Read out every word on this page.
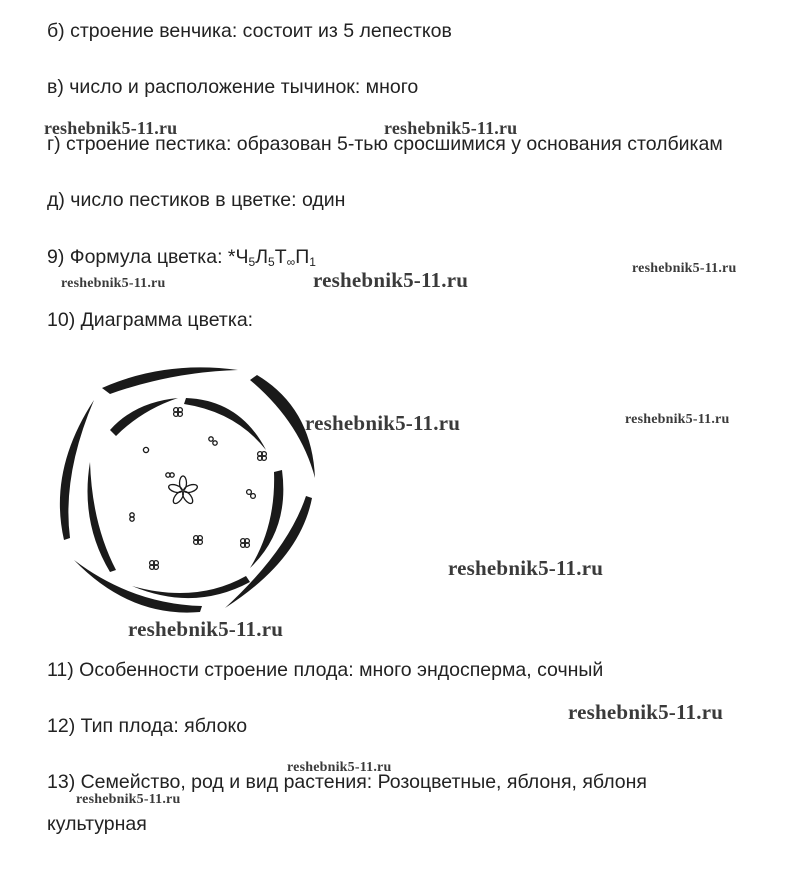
б) строение венчика: состоит из 5 лепестков
в) число и расположение тычинок: много
г) строение пестика: образован 5-тью сросшимися у основания столбикам
д) число пестиков в цветке: один
9) Формула цветка: *Ч5Л5Т∞П1
10) Диаграмма цветка:
11) Особенности строение плода: много эндосперма, сочный
12) Тип плода: яблоко
13) Семейство, род и вид растения: Розоцветные, яблоня, яблоня
культурная
reshebnik5-11.ru	reshebnik5-11.ru
reshebnik5-11.ru
reshebnik5-11.ru
reshebnik5-11.ru
reshebnik5-11.ru	reshebnik5-11.ru
reshebnik5-11.ru
reshebnik5-11.ru
reshebnik5-11.ru
reshebnik5-11.ru
reshebnik5-11.ru
